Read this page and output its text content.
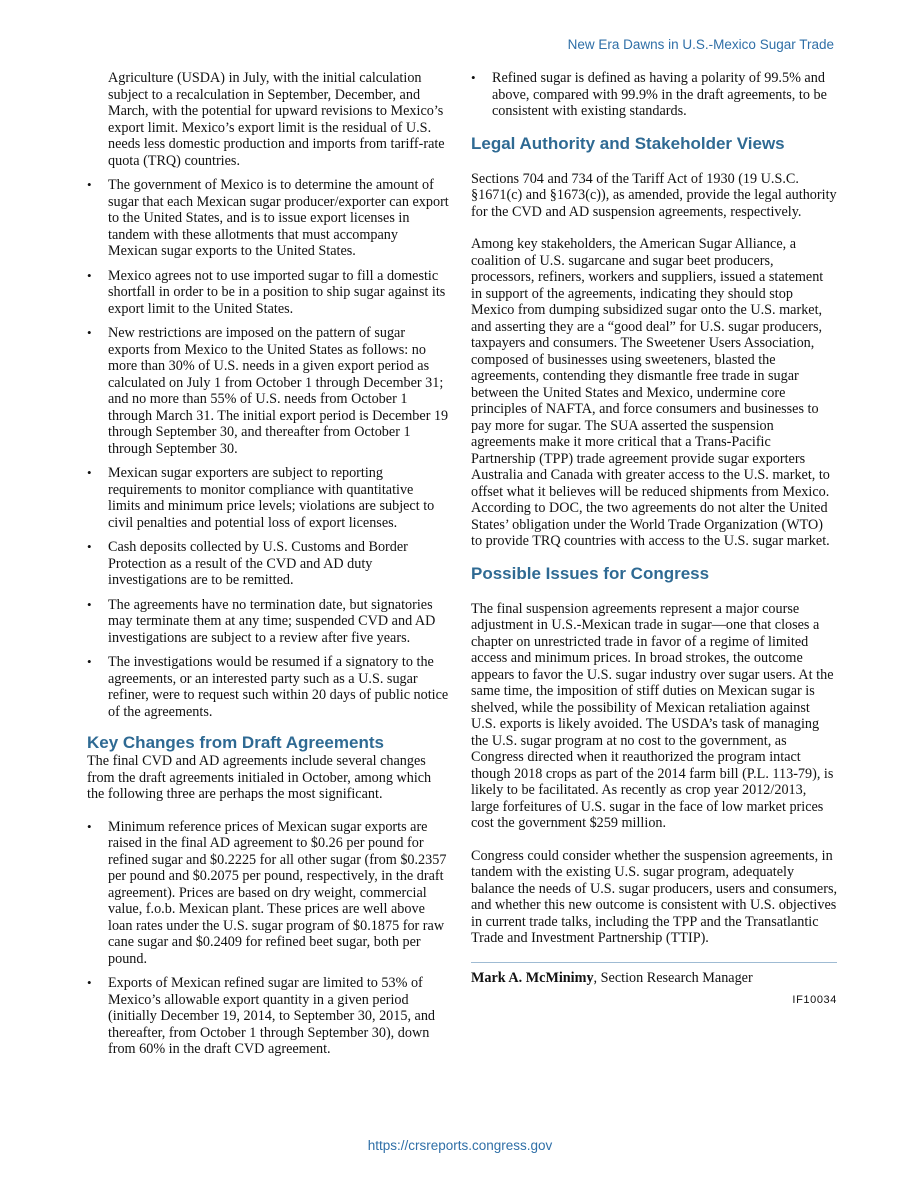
New Era Dawns in U.S.-Mexico Sugar Trade

Agriculture (USDA) in July, with the initial calculation subject to a recalculation in September, December, and March, with the potential for upward revisions to Mexico’s export limit. Mexico’s export limit is the residual of U.S. needs less domestic production and imports from tariff-rate quota (TRQ) countries.

• The government of Mexico is to determine the amount of sugar that each Mexican sugar producer/exporter can export to the United States, and is to issue export licenses in tandem with these allotments that must accompany Mexican sugar exports to the United States.
• Mexico agrees not to use imported sugar to fill a domestic shortfall in order to be in a position to ship sugar against its export limit to the United States.
• New restrictions are imposed on the pattern of sugar exports from Mexico to the United States as follows: no more than 30% of U.S. needs in a given export period as calculated on July 1 from October 1 through December 31; and no more than 55% of U.S. needs from October 1 through March 31. The initial export period is December 19 through September 30, and thereafter from October 1 through September 30.
• Mexican sugar exporters are subject to reporting requirements to monitor compliance with quantitative limits and minimum price levels; violations are subject to civil penalties and potential loss of export licenses.
• Cash deposits collected by U.S. Customs and Border Protection as a result of the CVD and AD duty investigations are to be remitted.
• The agreements have no termination date, but signatories may terminate them at any time; suspended CVD and AD investigations are subject to a review after five years.
• The investigations would be resumed if a signatory to the agreements, or an interested party such as a U.S. sugar refiner, were to request such within 20 days of public notice of the agreements.
Key Changes from Draft Agreements

The final CVD and AD agreements include several changes from the draft agreements initialed in October, among which the following three are perhaps the most significant.

• Minimum reference prices of Mexican sugar exports are raised in the final AD agreement to $0.26 per pound for refined sugar and $0.2225 for all other sugar (from $0.2357 per pound and $0.2075 per pound, respectively, in the draft agreement). Prices are based on dry weight, commercial value, f.o.b. Mexican plant. These prices are well above loan rates under the U.S. sugar program of $0.1875 for raw cane sugar and $0.2409 for refined beet sugar, both per pound.
• Exports of Mexican refined sugar are limited to 53% of Mexico’s allowable export quantity in a given period (initially December 19, 2014, to September 30, 2015, and thereafter, from October 1 through September 30), down from 60% in the draft CVD agreement.
• Refined sugar is defined as having a polarity of 99.5% and above, compared with 99.9% in the draft agreements, to be consistent with existing standards.
Legal Authority and Stakeholder Views

Sections 704 and 734 of the Tariff Act of 1930 (19 U.S.C. §1671(c) and §1673(c)), as amended, provide the legal authority for the CVD and AD suspension agreements, respectively.

Among key stakeholders, the American Sugar Alliance, a coalition of U.S. sugarcane and sugar beet producers, processors, refiners, workers and suppliers, issued a statement in support of the agreements, indicating they should stop Mexico from dumping subsidized sugar onto the U.S. market, and asserting they are a “good deal” for U.S. sugar producers, taxpayers and consumers. The Sweetener Users Association, composed of businesses using sweeteners, blasted the agreements, contending they dismantle free trade in sugar between the United States and Mexico, undermine core principles of NAFTA, and force consumers and businesses to pay more for sugar. The SUA asserted the suspension agreements make it more critical that a Trans-Pacific Partnership (TPP) trade agreement provide sugar exporters Australia and Canada with greater access to the U.S. market, to offset what it believes will be reduced shipments from Mexico. According to DOC, the two agreements do not alter the United States’ obligation under the World Trade Organization (WTO) to provide TRQ countries with access to the U.S. sugar market.

Possible Issues for Congress

The final suspension agreements represent a major course adjustment in U.S.-Mexican trade in sugar—one that closes a chapter on unrestricted trade in favor of a regime of limited access and minimum prices. In broad strokes, the outcome appears to favor the U.S. sugar industry over sugar users. At the same time, the imposition of stiff duties on Mexican sugar is shelved, while the possibility of Mexican retaliation against U.S. exports is likely avoided. The USDA’s task of managing the U.S. sugar program at no cost to the government, as Congress directed when it reauthorized the program intact though 2018 crops as part of the 2014 farm bill (P.L. 113-79), is likely to be facilitated. As recently as crop year 2012/2013, large forfeitures of U.S. sugar in the face of low market prices cost the government $259 million.

Congress could consider whether the suspension agreements, in tandem with the existing U.S. sugar program, adequately balance the needs of U.S. sugar producers, users and consumers, and whether this new outcome is consistent with U.S. objectives in current trade talks, including the TPP and the Transatlantic Trade and Investment Partnership (TTIP).

Mark A. McMinimy, Section Research Manager

IF10034

https://crsreports.congress.gov
